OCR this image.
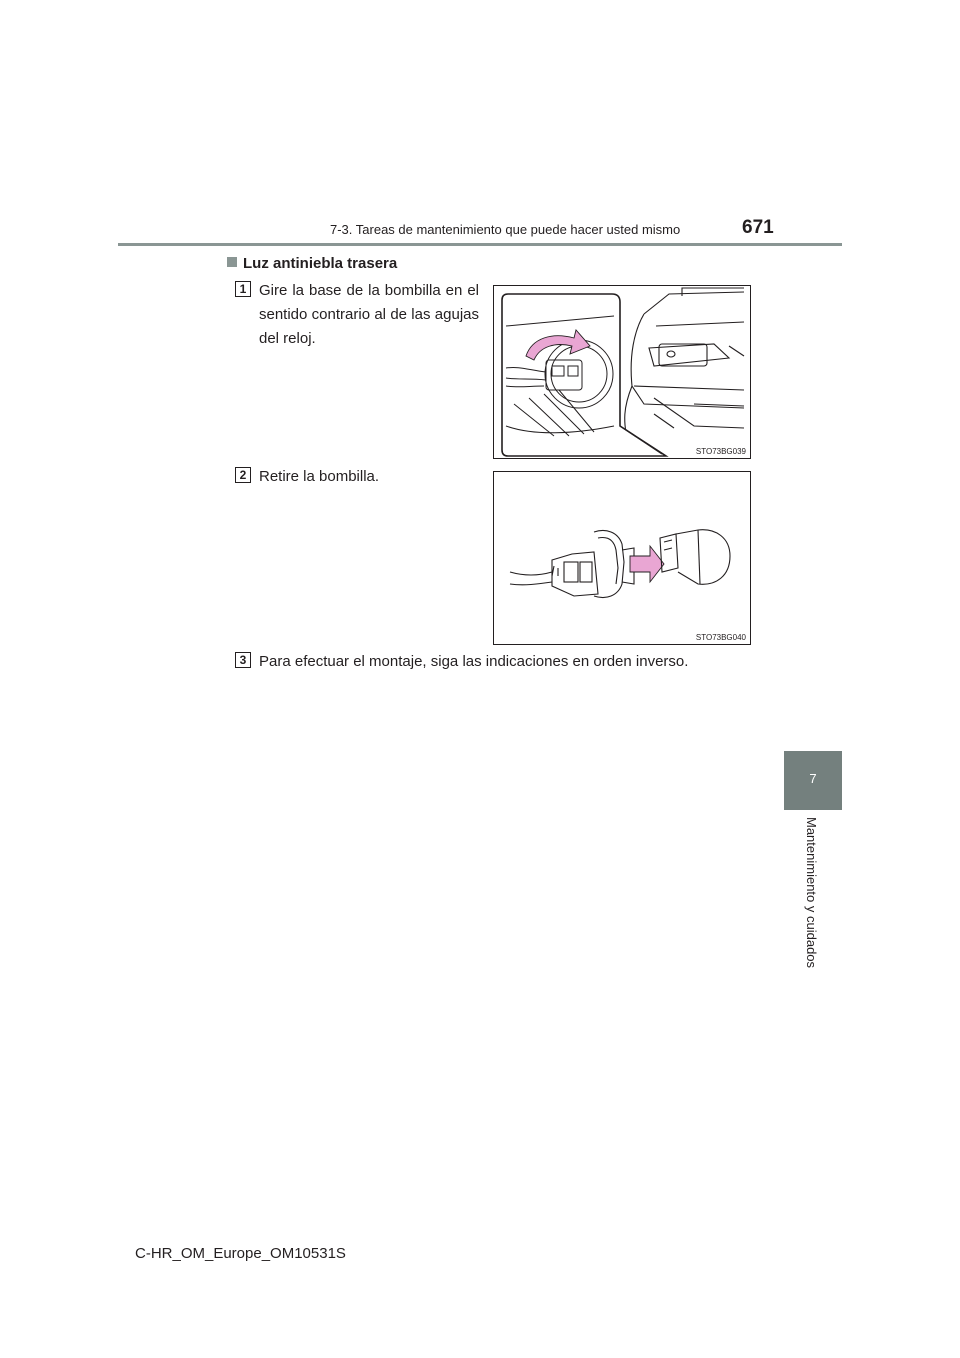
7-3. Tareas de mantenimiento que puede hacer usted mismo	671
7
Mantenimiento y cuidados
Luz antiniebla trasera
1 Gire la base de la bombilla en el sentido contrario al de las agujas del reloj.
STO73BG039
2 Retire la bombilla.
STO73BG040
3 Para efectuar el montaje, siga las indicaciones en orden inverso.
C-HR_OM_Europe_OM10531S
